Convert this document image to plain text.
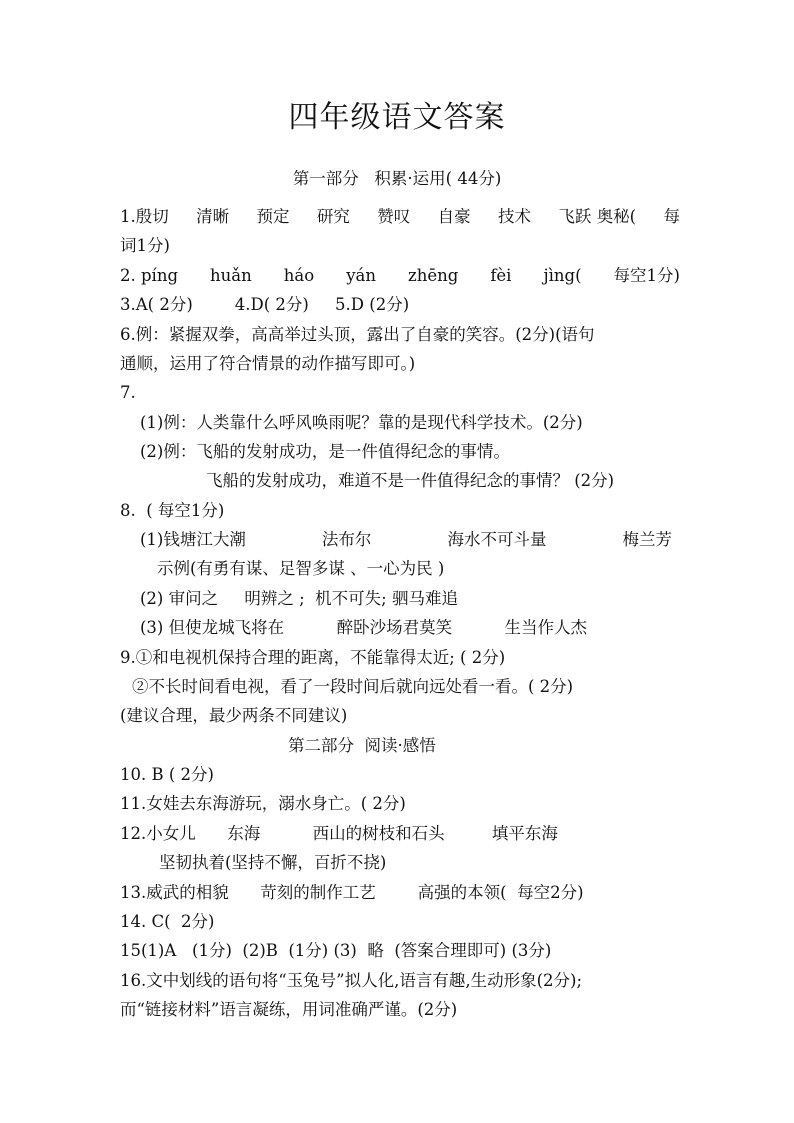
四年级语文答案
第一部分   积累·运用( 44分)
1.殷切 清晰 预定 研究 赞叹 自豪 技术 飞跃 奥秘( 每
词1分)
2. píng huǎn háo yán zhēng fèi jìng( 每空1分)
3.A( 2分)        4.D( 2分)     5.D (2分)
6.例：紧握双拳，高高举过头顶，露出了自豪的笑容。(2分)(语句
通顺，运用了符合情景的动作描写即可。)
7.
(1)例：人类靠什么呼风唤雨呢？靠的是现代科学技术。(2分)
(2)例：飞船的发射成功，是一件值得纪念的事情。
飞船的发射成功，难道不是一件值得纪念的事情？ (2分)
8.  ( 每空1分)
(1)钱塘江大潮	法布尔	海水不可斗量	梅兰芳
示例(有勇有谋、足智多谋 、一心为民 )
(2) 审问之     明辨之 ;  机不可失; 驷马难追
(3) 但使龙城飞将在          醉卧沙场君莫笑          生当作人杰
9.①和电视机保持合理的距离，不能靠得太近; ( 2分)
②不长时间看电视，看了一段时间后就向远处看一看。( 2分)
(建议合理，最少两条不同建议)
第二部分  阅读·感悟
10. B ( 2分)
11.女娃去东海游玩，溺水身亡。( 2分)
12.小女儿      东海          西山的树枝和石头         填平东海
坚韧执着(坚持不懈，百折不挠)
13.威武的相貌      苛刻的制作工艺        高强的本领(  每空2分)
14. C(  2分)
15(1)A   (1分)  (2)B  (1分) (3)  略  (答案合理即可) (3分)
16.文中划线的语句将“玉兔号”拟人化,语言有趣,生动形象(2分);
而“链接材料”语言凝练，用词准确严谨。(2分)
